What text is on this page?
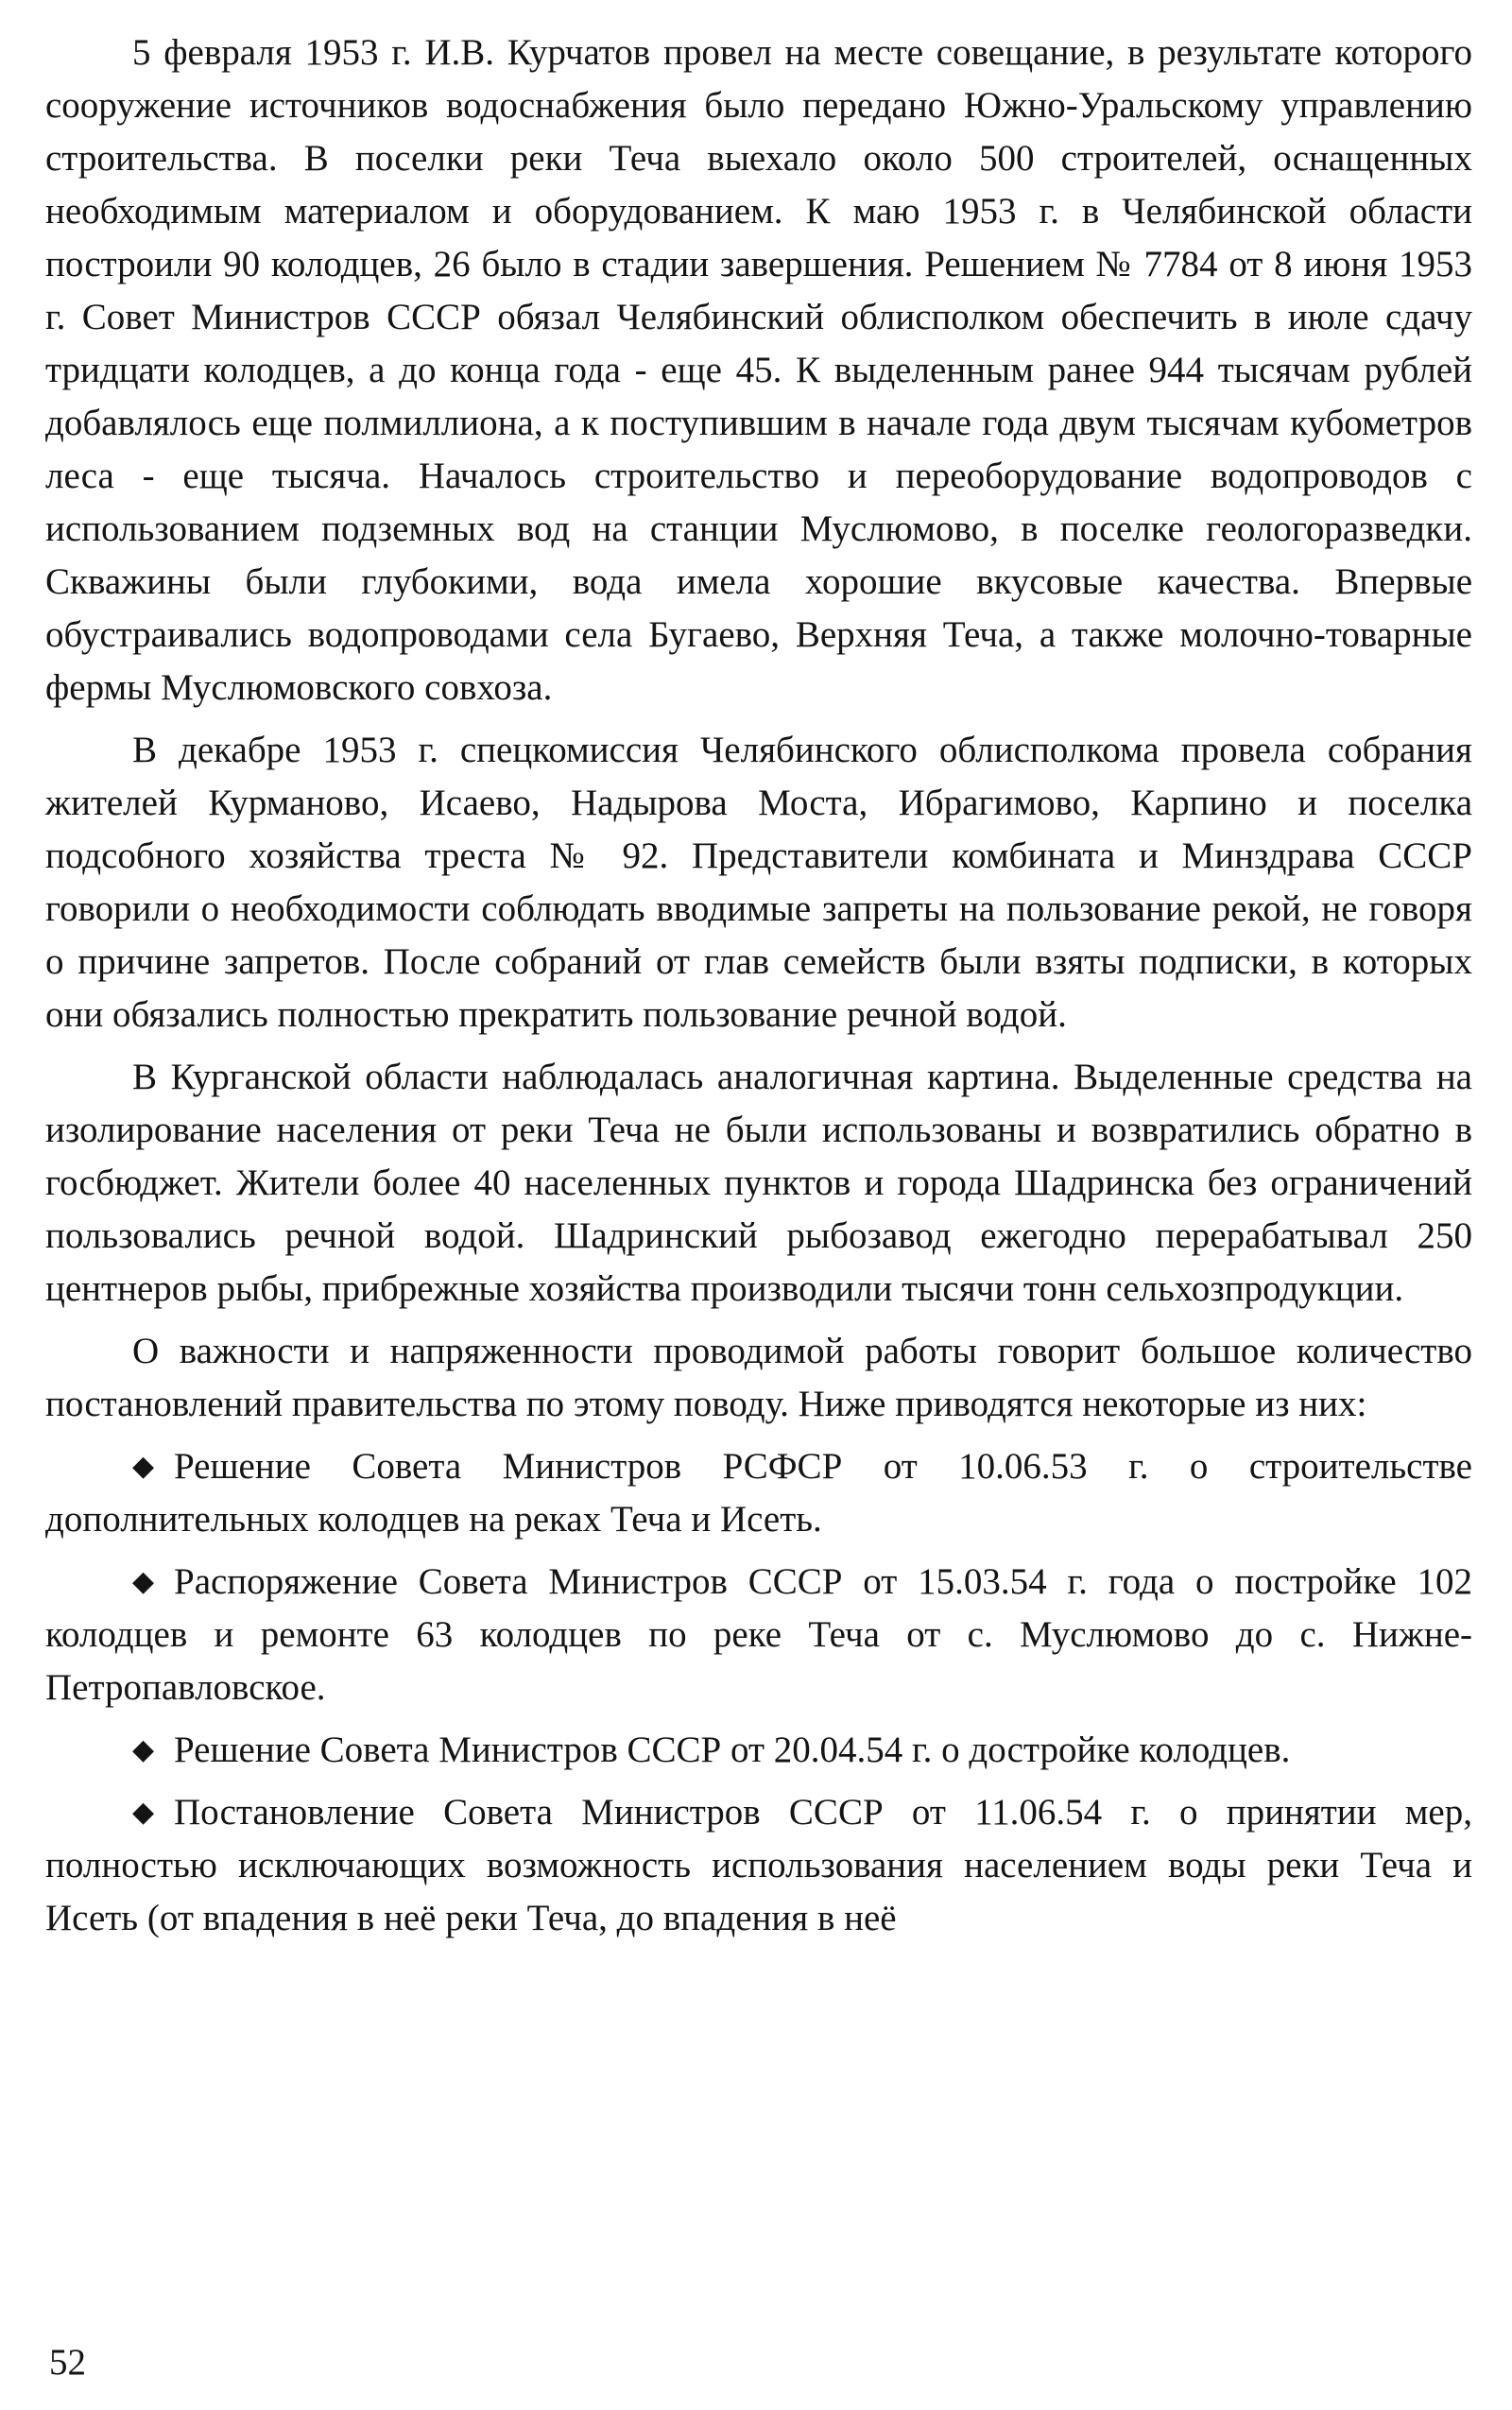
5 февраля 1953 г. И.В. Курчатов провел на месте совещание, в результате которого сооружение источников водоснабжения было передано Южно-Уральскому управлению строительства. В поселки реки Теча выехало около 500 строителей, оснащенных необходимым материалом и оборудованием. К маю 1953 г. в Челябинской области построили 90 колодцев, 26 было в стадии завершения. Решением № 7784 от 8 июня 1953 г. Совет Министров СССР обязал Челябинский облисполком обеспечить в июле сдачу тридцати колодцев, а до конца года - еще 45. К выделенным ранее 944 тысячам рублей добавлялось еще полмиллиона, а к поступившим в начале года двум тысячам кубометров леса - еще тысяча. Началось строительство и переоборудование водопроводов с использованием подземных вод на станции Муслюмово, в поселке геологоразведки. Скважины были глубокими, вода имела хорошие вкусовые качества. Впервые обустраивались водопроводами села Бугаево, Верхняя Теча, а также молочно-товарные фермы Муслюмовского совхоза.

В декабре 1953 г. спецкомиссия Челябинского облисполкома провела собрания жителей Курманово, Исаево, Надырова Моста, Ибрагимово, Карпино и поселка подсобного хозяйства треста № 92. Представители комбината и Минздрава СССР говорили о необходимости соблюдать вводимые запреты на пользование рекой, не говоря о причине запретов. После собраний от глав семейств были взяты подписки, в которых они обязались полностью прекратить пользование речной водой.

В Курганской области наблюдалась аналогичная картина. Выделенные средства на изолирование населения от реки Теча не были использованы и возвратились обратно в госбюджет. Жители более 40 населенных пунктов и города Шадринска без ограничений пользовались речной водой. Шадринский рыбозавод ежегодно перерабатывал 250 центнеров рыбы, прибрежные хозяйства производили тысячи тонн сельхозпродукции.

О важности и напряженности проводимой работы говорит большое количество постановлений правительства по этому поводу. Ниже приводятся некоторые из них:

◆ Решение Совета Министров РСФСР от 10.06.53 г. о строительстве дополнительных колодцев на реках Теча и Исеть.

◆ Распоряжение Совета Министров СССР от 15.03.54 г. года о постройке 102 колодцев и ремонте 63 колодцев по реке Теча от с. Муслюмово до с. Нижне-Петропавловское.

◆ Решение Совета Министров СССР от 20.04.54 г. о достройке колодцев.

◆ Постановление Совета Министров СССР от 11.06.54 г. о принятии мер, полностью исключающих возможность использования населением воды реки Теча и Исеть (от впадения в неё реки Теча, до впадения в неё

52
